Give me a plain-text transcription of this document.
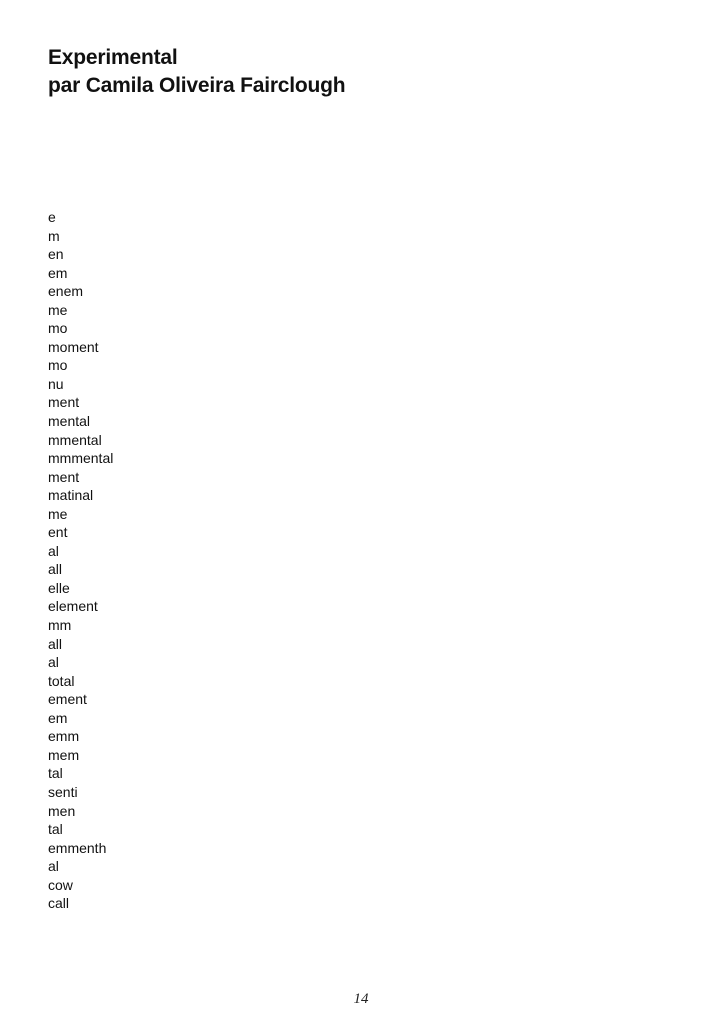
Experimental
par Camila Oliveira Fairclough
e
m
en
em
enem
me
mo
moment
mo
nu
ment
mental
mmental
mmmental
ment
matinal
me
ent
al
all
elle
element
mm
all
al
total
ement
em
emm
mem
tal
senti
men
tal
emmenth
al
cow
call
14
